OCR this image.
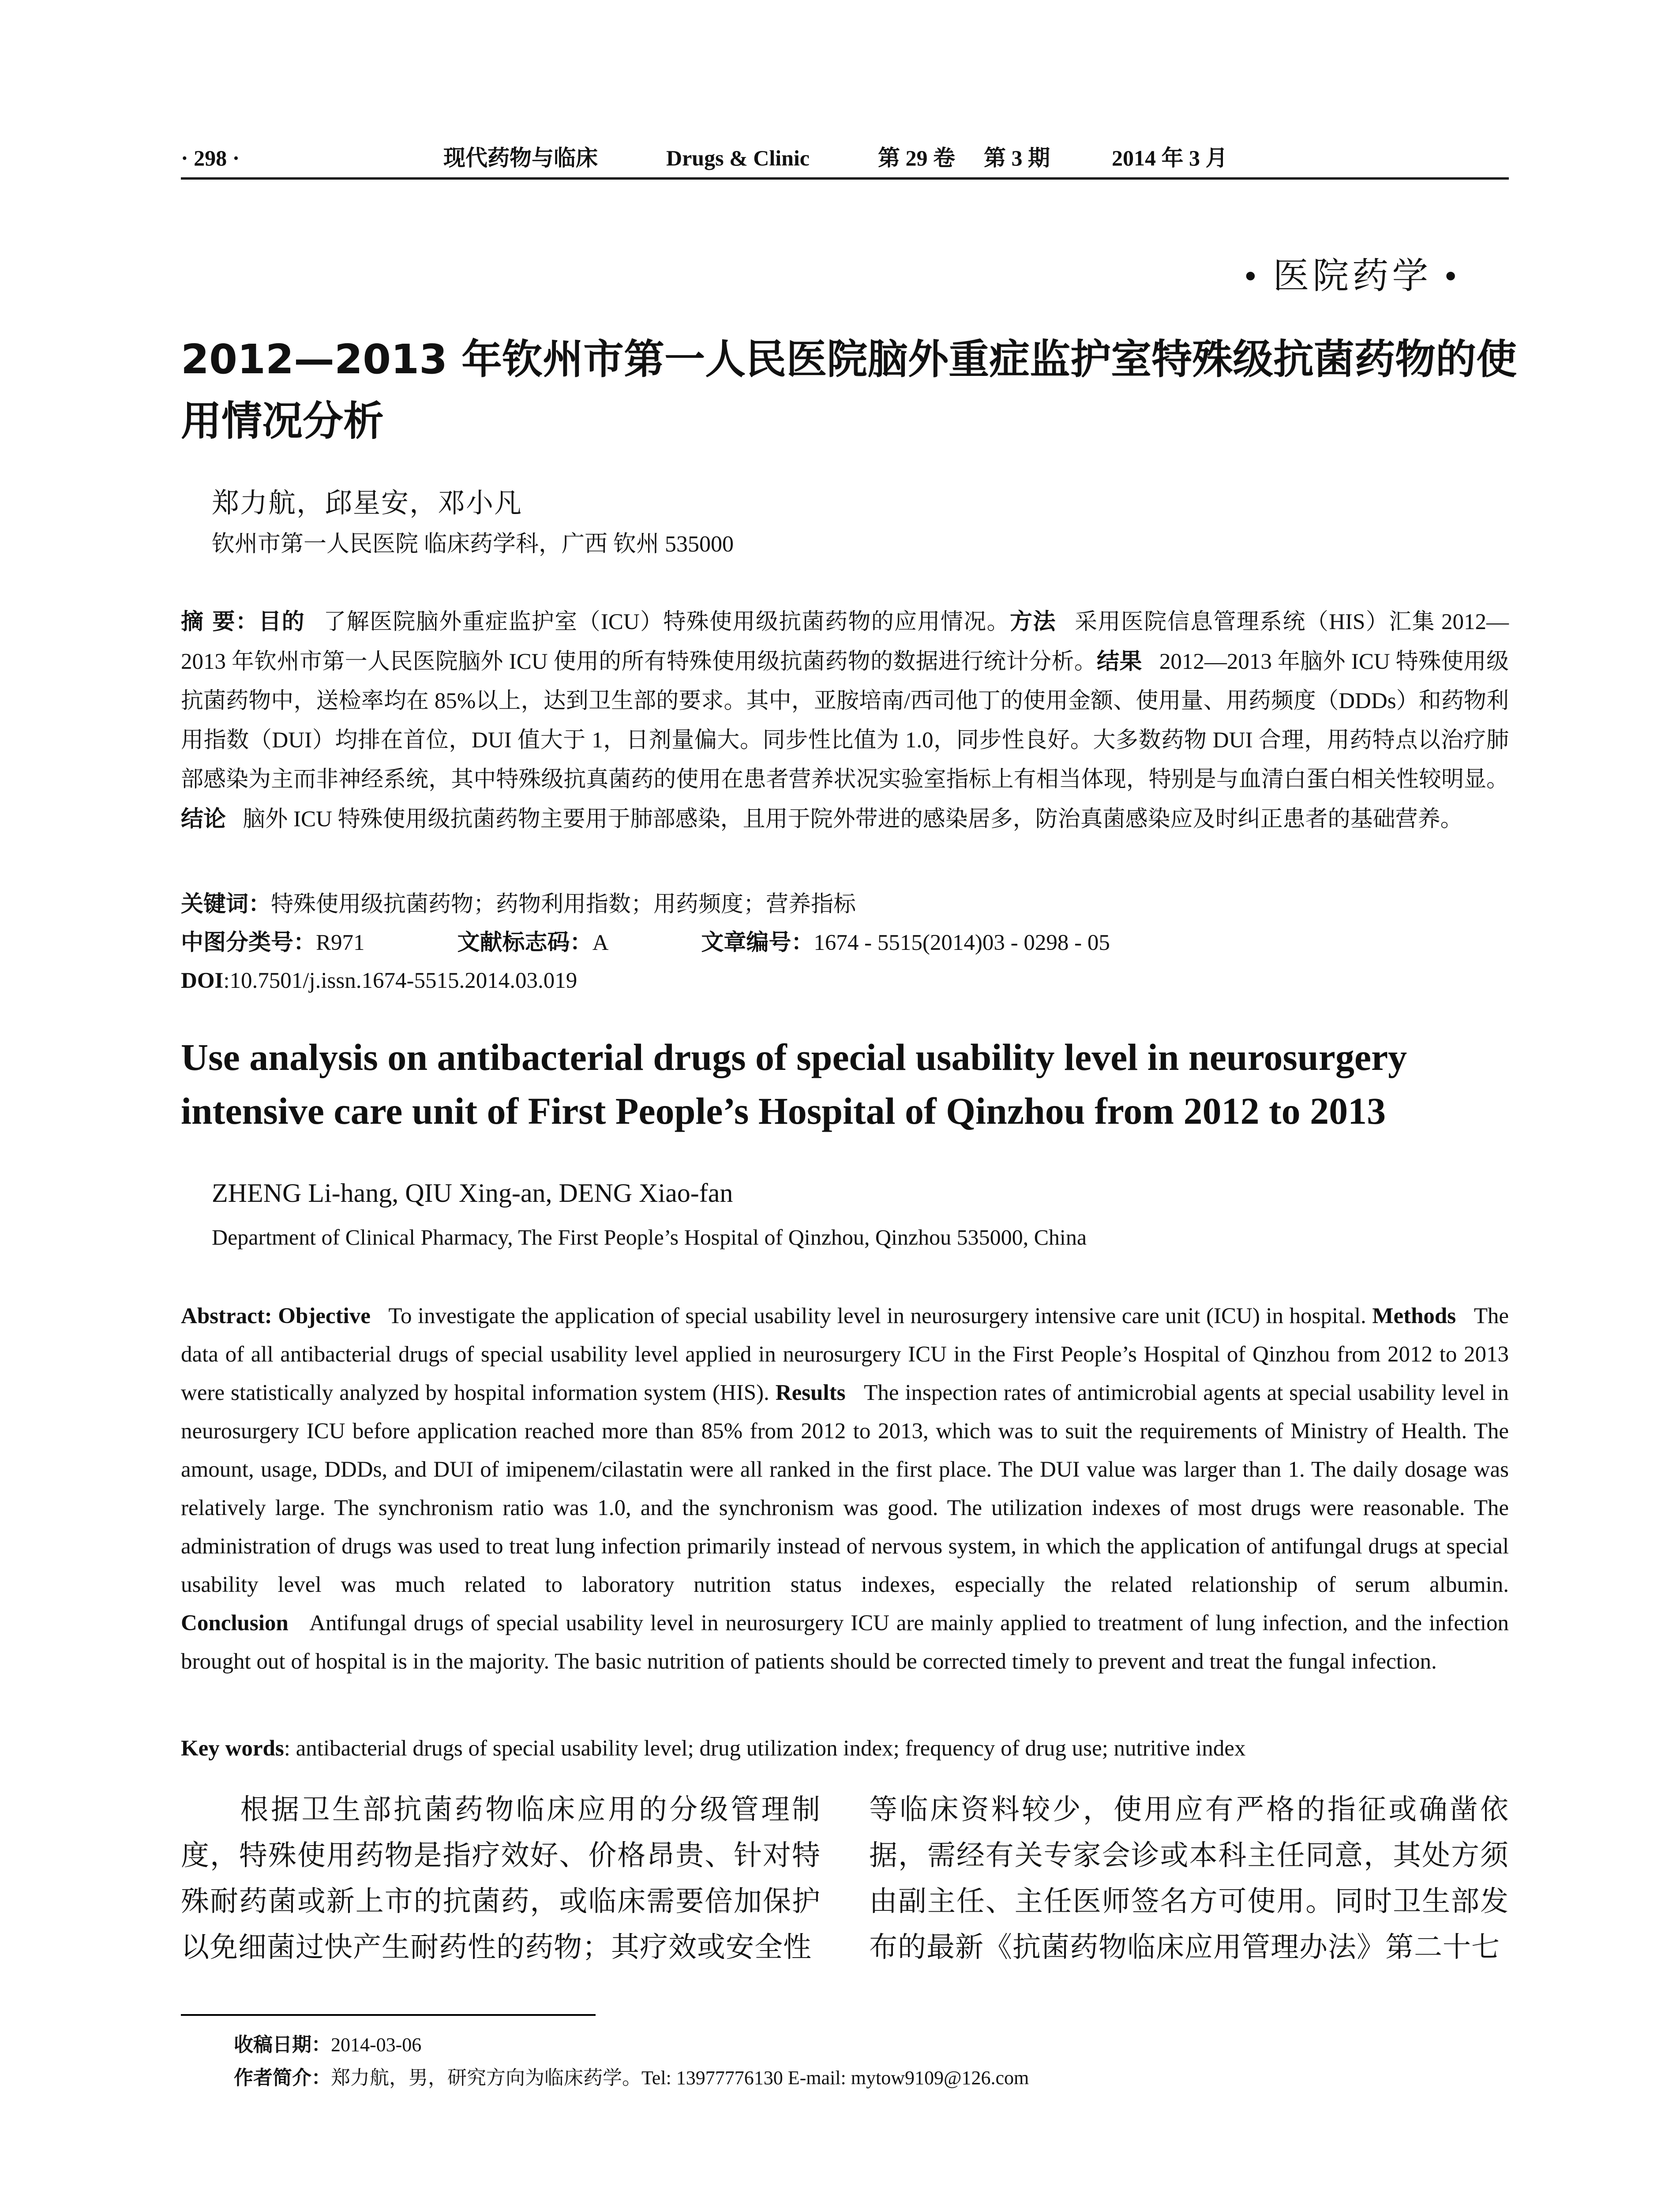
· 298 ·	现代药物与临床	Drugs & Clinic	第 29 卷 第 3 期	2014 年 3 月
• 医院药学 •
2012—2013 年钦州市第一人民医院脑外重症监护室特殊级抗菌药物的使用情况分析
郑力航，邱星安，邓小凡
钦州市第一人民医院 临床药学科，广西 钦州 535000
摘 要：目的 了解医院脑外重症监护室（ICU）特殊使用级抗菌药物的应用情况。方法 采用医院信息管理系统（HIS）汇集 2012—2013 年钦州市第一人民医院脑外 ICU 使用的所有特殊使用级抗菌药物的数据进行统计分析。结果 2012—2013 年脑外 ICU 特殊使用级抗菌药物中，送检率均在 85%以上，达到卫生部的要求。其中，亚胺培南/西司他丁的使用金额、使用量、用药频度（DDDs）和药物利用指数（DUI）均排在首位，DUI 值大于 1，日剂量偏大。同步性比值为 1.0，同步性良好。大多数药物 DUI 合理，用药特点以治疗肺部感染为主而非神经系统，其中特殊级抗真菌药的使用在患者营养状况实验室指标上有相当体现，特别是与血清白蛋白相关性较明显。结论 脑外 ICU 特殊使用级抗菌药物主要用于肺部感染，且用于院外带进的感染居多，防治真菌感染应及时纠正患者的基础营养。
关键词：特殊使用级抗菌药物；药物利用指数；用药频度；营养指标
中图分类号：R971	文献标志码：A	文章编号：1674 - 5515(2014)03 - 0298 - 05
DOI:10.7501/j.issn.1674-5515.2014.03.019
Use analysis on antibacterial drugs of special usability level in neurosurgery intensive care unit of First People’s Hospital of Qinzhou from 2012 to 2013
ZHENG Li-hang, QIU Xing-an, DENG Xiao-fan
Department of Clinical Pharmacy, The First People’s Hospital of Qinzhou, Qinzhou 535000, China
Abstract: Objective To investigate the application of special usability level in neurosurgery intensive care unit (ICU) in hospital. Methods The data of all antibacterial drugs of special usability level applied in neurosurgery ICU in the First People’s Hospital of Qinzhou from 2012 to 2013 were statistically analyzed by hospital information system (HIS). Results The inspection rates of antimicrobial agents at special usability level in neurosurgery ICU before application reached more than 85% from 2012 to 2013, which was to suit the requirements of Ministry of Health. The amount, usage, DDDs, and DUI of imipenem/cilastatin were all ranked in the first place. The DUI value was larger than 1. The daily dosage was relatively large. The synchronism ratio was 1.0, and the synchronism was good. The utilization indexes of most drugs were reasonable. The administration of drugs was used to treat lung infection primarily instead of nervous system, in which the application of antifungal drugs at special usability level was much related to laboratory nutrition status indexes, especially the related relationship of serum albumin. Conclusion Antifungal drugs of special usability level in neurosurgery ICU are mainly applied to treatment of lung infection, and the infection brought out of hospital is in the majority. The basic nutrition of patients should be corrected timely to prevent and treat the fungal infection.
Key words: antibacterial drugs of special usability level; drug utilization index; frequency of drug use; nutritive index
根据卫生部抗菌药物临床应用的分级管理制度，特殊使用药物是指疗效好、价格昂贵、针对特殊耐药菌或新上市的抗菌药，或临床需要倍加保护以免细菌过快产生耐药性的药物；其疗效或安全性
等临床资料较少，使用应有严格的指征或确凿依据，需经有关专家会诊或本科主任同意，其处方须由副主任、主任医师签名方可使用。同时卫生部发布的最新《抗菌药物临床应用管理办法》第二十七
收稿日期：2014-03-06
作者简介：郑力航，男，研究方向为临床药学。Tel: 13977776130 E-mail: mytow9109@126.com
